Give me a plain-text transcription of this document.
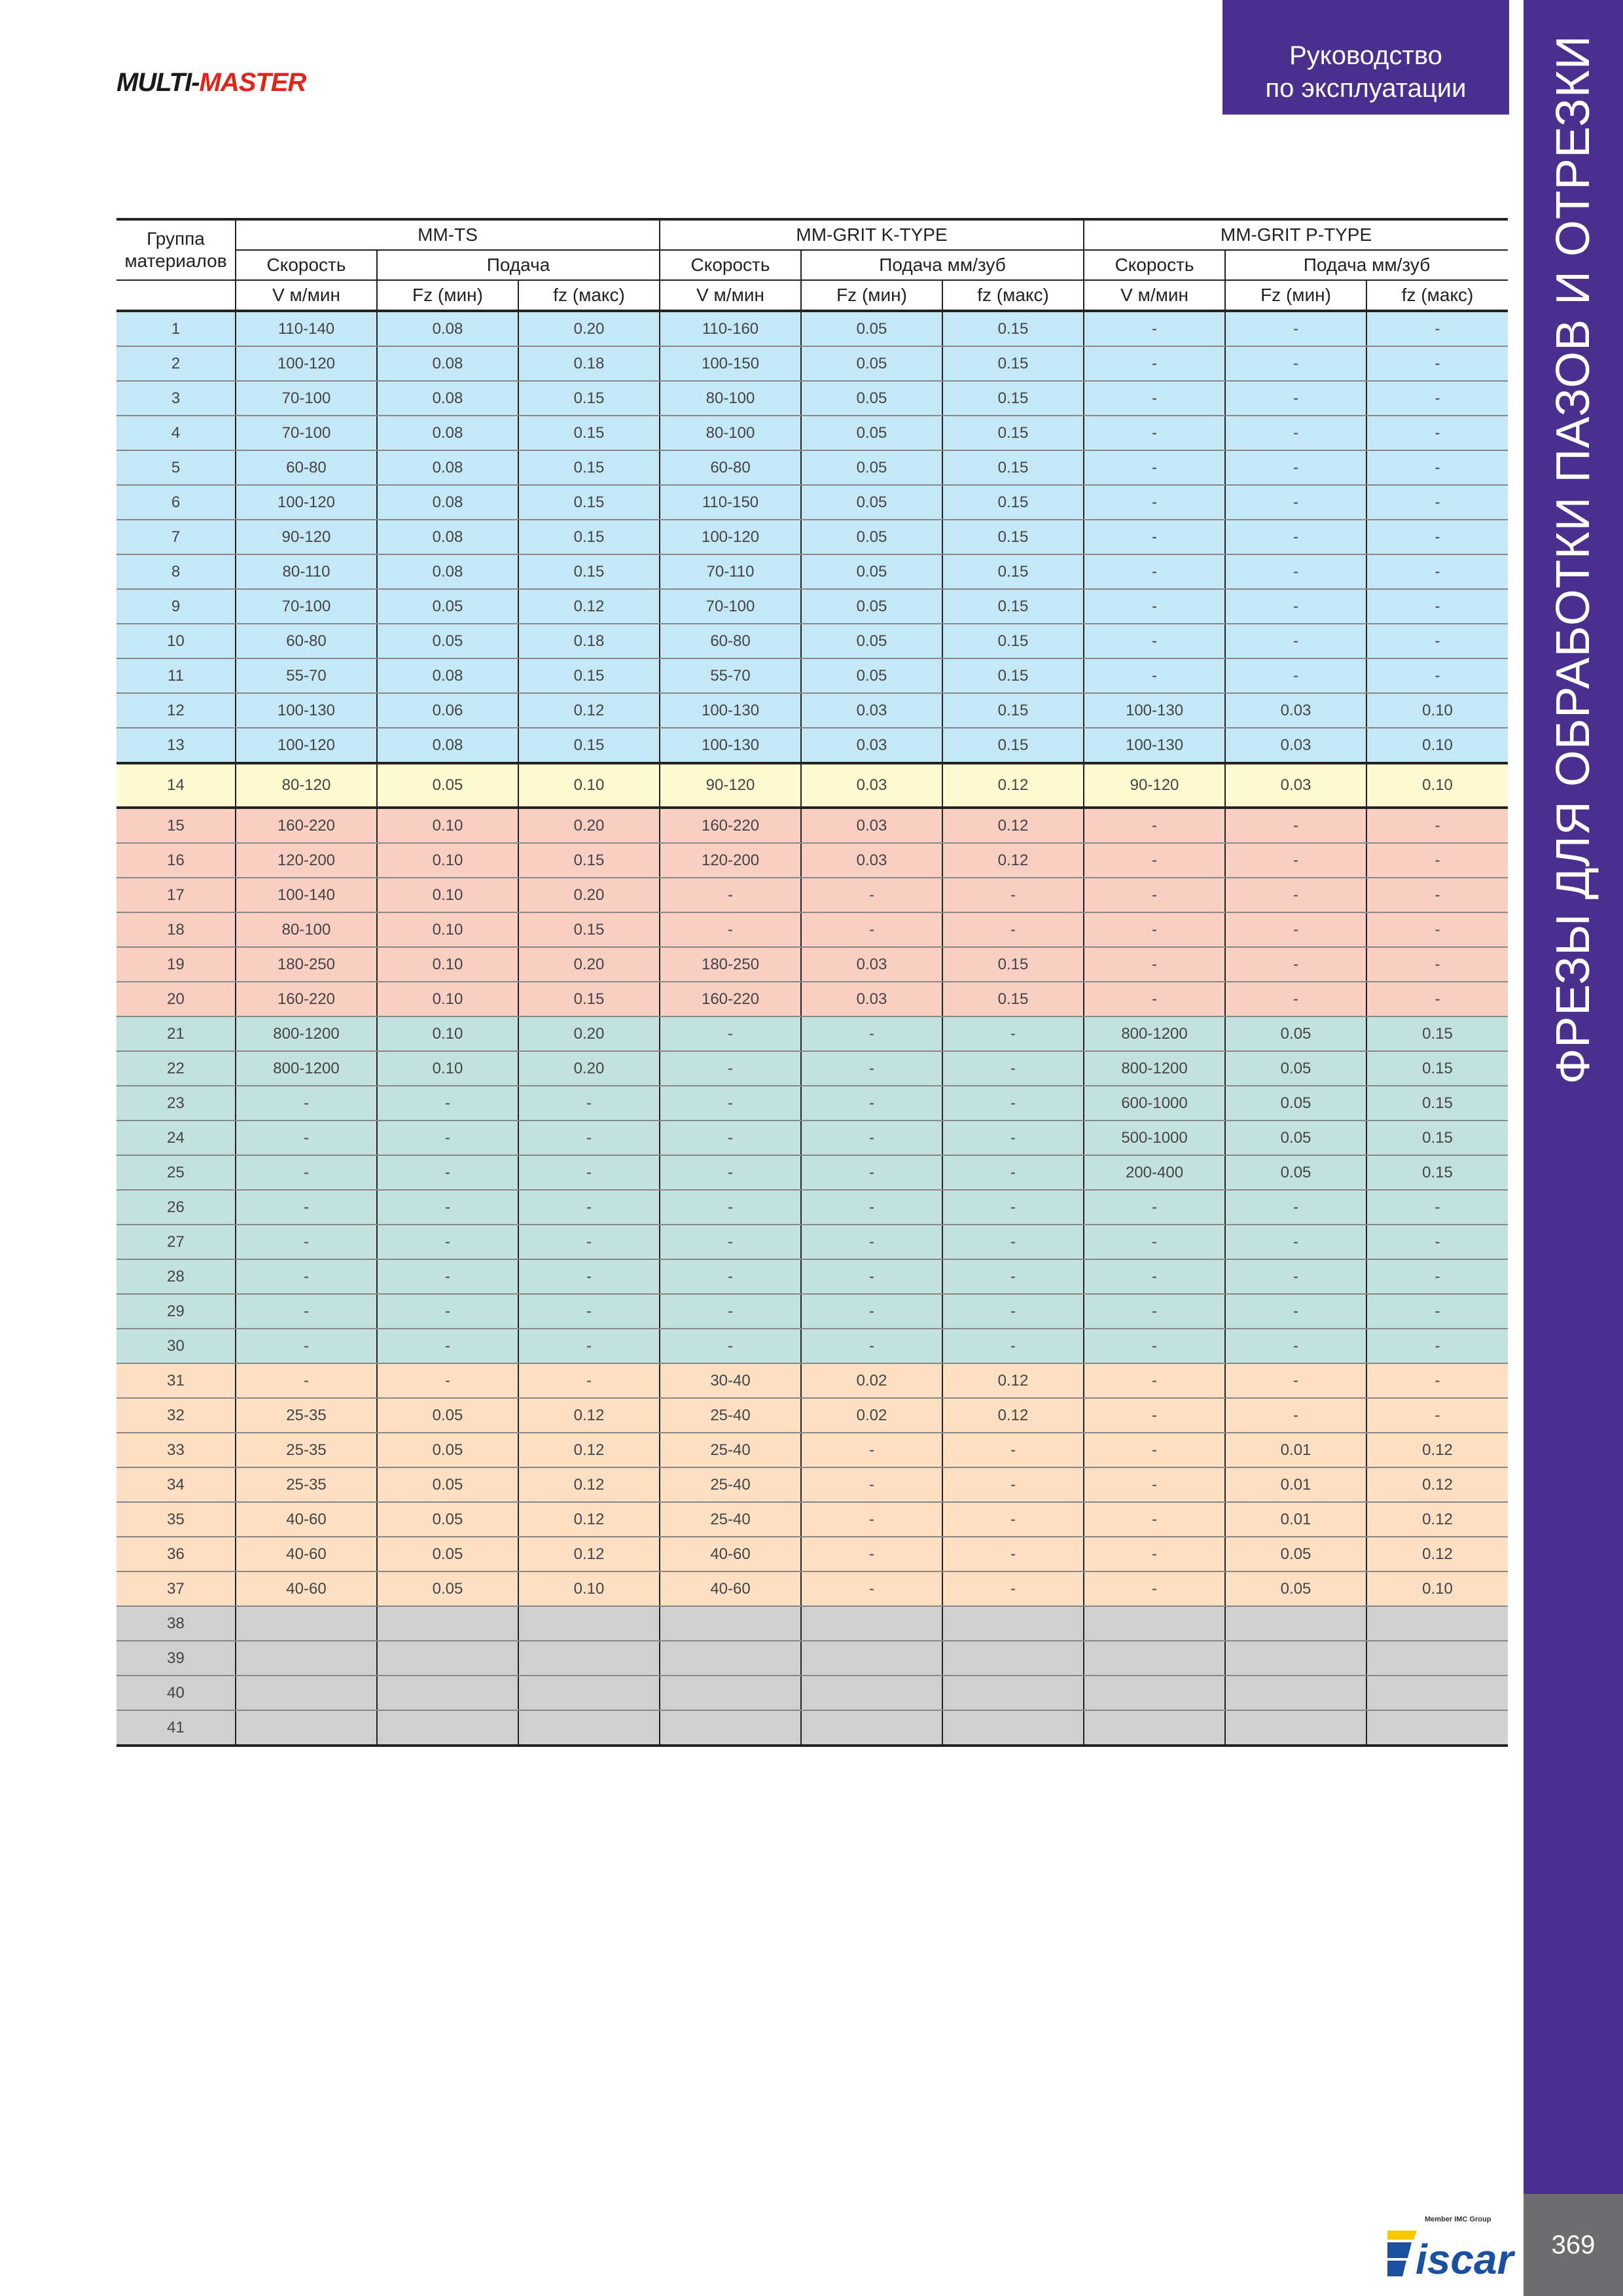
MULTI-MASTER
Руководство
по эксплуатации	ФРЕЗЫ ДЛЯ ОБРАБОТКИ ПАЗОВ И ОТРЕЗКИ
369
Member IMC Group
iscar
Группа материалов	MM-TS			MM-GRIT K-TYPE			MM-GRIT P-TYPE		
	Скорость	Подача		Скорость	Подача мм/зуб		Скорость	Подача мм/зуб	
	V м/мин	Fz (мин)	fz (макс)	V м/мин	Fz (мин)	fz (макс)	V м/мин	Fz (мин)	fz (макс)
1	110-140	0.08	0.20	110-160	0.05	0.15	-	-	-
2	100-120	0.08	0.18	100-150	0.05	0.15	-	-	-
3	70-100	0.08	0.15	80-100	0.05	0.15	-	-	-
4	70-100	0.08	0.15	80-100	0.05	0.15	-	-	-
5	60-80	0.08	0.15	60-80	0.05	0.15	-	-	-
6	100-120	0.08	0.15	110-150	0.05	0.15	-	-	-
7	90-120	0.08	0.15	100-120	0.05	0.15	-	-	-
8	80-110	0.08	0.15	70-110	0.05	0.15	-	-	-
9	70-100	0.05	0.12	70-100	0.05	0.15	-	-	-
10	60-80	0.05	0.18	60-80	0.05	0.15	-	-	-
11	55-70	0.08	0.15	55-70	0.05	0.15	-	-	-
12	100-130	0.06	0.12	100-130	0.03	0.15	100-130	0.03	0.10
13	100-120	0.08	0.15	100-130	0.03	0.15	100-130	0.03	0.10
14	80-120	0.05	0.10	90-120	0.03	0.12	90-120	0.03	0.10
15	160-220	0.10	0.20	160-220	0.03	0.12	-	-	-
16	120-200	0.10	0.15	120-200	0.03	0.12	-	-	-
17	100-140	0.10	0.20	-	-	-	-	-	-
18	80-100	0.10	0.15	-	-	-	-	-	-
19	180-250	0.10	0.20	180-250	0.03	0.15	-	-	-
20	160-220	0.10	0.15	160-220	0.03	0.15	-	-	-
21	800-1200	0.10	0.20	-	-	-	800-1200	0.05	0.15
22	800-1200	0.10	0.20	-	-	-	800-1200	0.05	0.15
23	-	-	-	-	-	-	600-1000	0.05	0.15
24	-	-	-	-	-	-	500-1000	0.05	0.15
25	-	-	-	-	-	-	200-400	0.05	0.15
26	-	-	-	-	-	-	-	-	-
27	-	-	-	-	-	-	-	-	-
28	-	-	-	-	-	-	-	-	-
29	-	-	-	-	-	-	-	-	-
30	-	-	-	-	-	-	-	-	-
31	-	-	-	30-40	0.02	0.12	-	-	-
32	25-35	0.05	0.12	25-40	0.02	0.12	-	-	-
33	25-35	0.05	0.12	25-40	-	-	-	0.01	0.12
34	25-35	0.05	0.12	25-40	-	-	-	0.01	0.12
35	40-60	0.05	0.12	25-40	-	-	-	0.01	0.12
36	40-60	0.05	0.12	40-60	-	-	-	0.05	0.12
37	40-60	0.05	0.10	40-60	-	-	-	0.05	0.10
38									
39									
40									
41									
